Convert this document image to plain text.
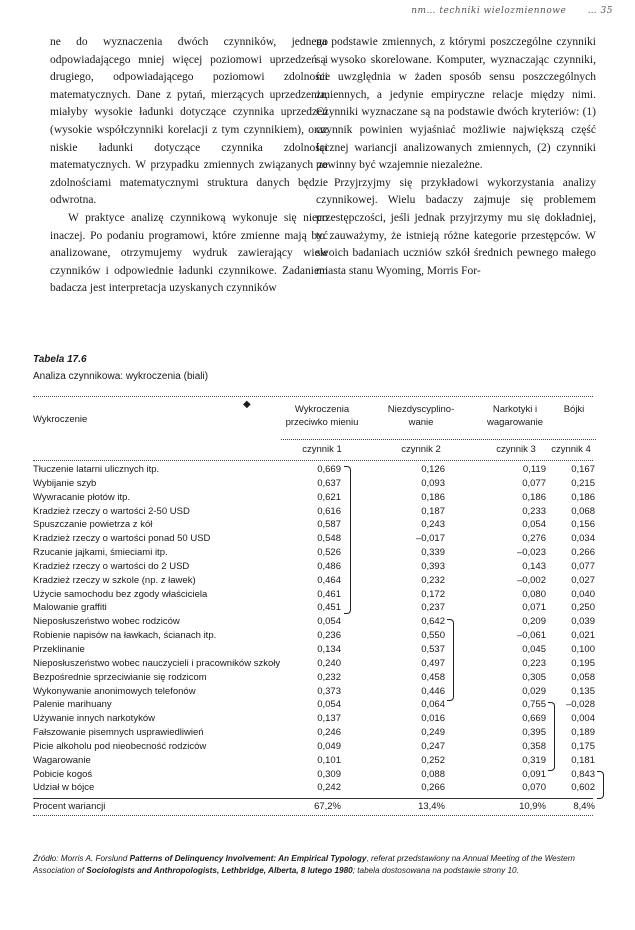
nm… techniki wielozmiennowe … 35

ne do wyznaczenia dwóch czynników, jednego odpowiadającego mniej więcej poziomowi uprzedzeń i drugiego, odpowiadającego poziomowi zdolności matematycznych. Dane z pytań, mierzących uprzedzenia, miałyby wysokie ładunki dotyczące czynnika uprzedzeń (wysokie współczynniki korelacji z tym czynnikiem), oraz niskie ładunki dotyczące czynnika zdolności matematycznych. W przypadku zmiennych związanych ze zdolnościami matematycznymi struktura danych będzie odwrotna.

W praktyce analizę czynnikową wykonuje się nieco inaczej. Po podaniu programowi, które zmienne mają być analizowane, otrzymujemy wydruk zawierający wiele czynników i odpowiednie ładunki czynnikowe. Zadaniem badacza jest interpretacja uzyskanych czynników

na podstawie zmiennych, z którymi poszczególne czynniki są wysoko skorelowane. Komputer, wyznaczając czynniki, nie uwzględnia w żaden sposób sensu poszczególnych zmiennych, a jedynie empiryczne relacje między nimi. Czynniki wyznaczane są na podstawie dwóch kryteriów: (1) czynnik powinien wyjaśniać możliwie największą część łącznej wariancji analizowanych zmiennych, (2) czynniki powinny być wzajemnie niezależne.

Przyjrzyjmy się przykładowi wykorzystania analizy czynnikowej. Wielu badaczy zajmuje się problemem przestępczości, jeśli jednak przyjrzymy mu się dokładniej, to zauważymy, że istnieją różne kategorie przestępców. W swoich badaniach uczniów szkół średnich pewnego małego miasta stanu Wyoming, Morris For-

Tabela 17.6
Analiza czynnikowa: wykroczenia (biali)
◆
Wykroczenie
Wykroczenia przeciwko mieniu
Niezdyscyplino- wanie
Narkotyki i wagarowanie
Bójki
czynnik 1	czynnik 2	czynnik 3	czynnik 4
Tłuczenie latarni ulicznych itp.	0,669	0,126	0,119	0,167
Wybijanie szyb	0,637	0,093	0,077	0,215
Wywracanie płotów itp.	0,621	0,186	0,186	0,186
Kradzież rzeczy o wartości 2-50 USD	0,616	0,187	0,233	0,068
Spuszczanie powietrza z kół	0,587	0,243	0,054	0,156
Kradzież rzeczy o wartości ponad 50 USD	0,548	–0,017	0,276	0,034
Rzucanie jajkami, śmieciami itp.	0,526	0,339	–0,023	0,266
Kradzież rzeczy o wartości do 2 USD	0,486	0,393	0,143	0,077
Kradzież rzeczy w szkole (np. z ławek)	0,464	0,232	–0,002	0,027
Użycie samochodu bez zgody właściciela	0,461	0,172	0,080	0,040
Malowanie graffiti	0,451	0,237	0,071	0,250
Nieposłuszeństwo wobec rodziców	0,054	0,642	0,209	0,039
Robienie napisów na ławkach, ścianach itp.	0,236	0,550	–0,061	0,021
Przeklinanie	0,134	0,537	0,045	0,100
Nieposłuszeństwo wobec nauczycieli i pracowników szkoły	0,240	0,497	0,223	0,195
Bezpośrednie sprzeciwianie się rodzicom	0,232	0,458	0,305	0,058
Wykonywanie anonimowych telefonów	0,373	0,446	0,029	0,135
Palenie marihuany	0,054	0,064	0,755	–0,028
Używanie innych narkotyków	0,137	0,016	0,669	0,004
Fałszowanie pisemnych usprawiedliwień	0,246	0,249	0,395	0,189
Picie alkoholu pod nieobecność rodziców	0,049	0,247	0,358	0,175
Wagarowanie	0,101	0,252	0,319	0,181
Pobicie kogoś	0,309	0,088	0,091	0,843
Udział w bójce	0,242	0,266	0,070	0,602
Procent wariancji	67,2%	13,4%	10,9%	8,4%
Źródło: Morris A. Forslund Patterns of Delinquency Involvement: An Empirical Typology, referat przedstawiony na Annual Meeting of the Western Association of Sociologists and Anthropologists, Lethbridge, Alberta, 8 lutego 1980; tabela dostosowana na podstawie strony 10.
